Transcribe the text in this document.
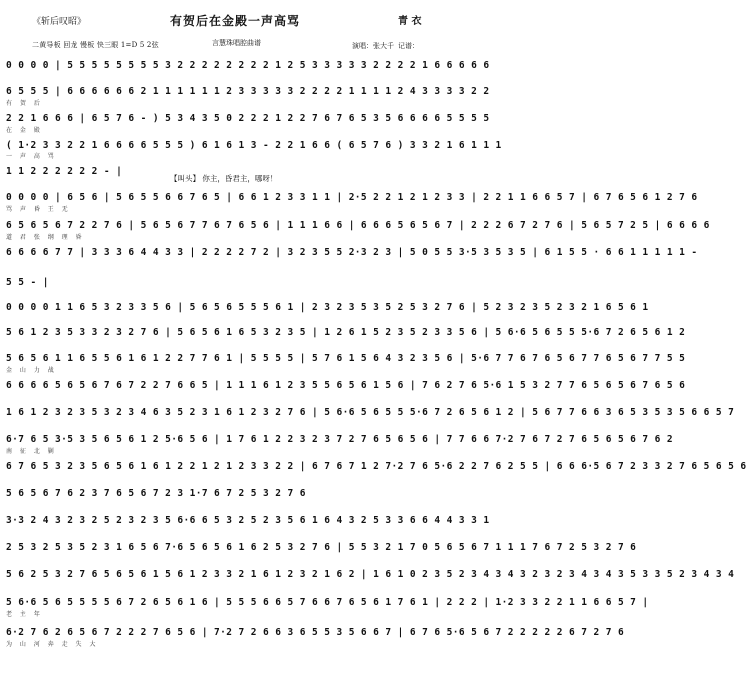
《斩后叹昭》	有贺后在金殿一声高骂	青 衣
二黄导板 回龙 慢板 快三眼 1=D 5 2弦	言慧珠唱腔曲谱	演唱：张大千 记谱：
0 0 0 0 | 5 5 5 5 5 5 5 5 3 2 2 2 2 2 2 2 2 1 2 5 3 3 3 3 3 2 2 2 2 1 6 6 6 6 6
6 5 5 5 | 6 6 6 6 6 6 2 1 1 1 1 1 1 2 3 3 3 3 3 2 2 2 2 1 1 1 1 2 4 3 3 3 3 2 2
有 贺 后
2 2 1 6 6 6 | 6 5 7 6 - ) 5 3 4 3 5 0 2 2 2 1 2 2 7 6 7 6 5 3 5 6 6 6 6 5 5 5 5
在 金 殿
( 1·2 3 3 2 2 1 6 6 6 6 5 5 5 ) 6 1 6 1 3 - 2 2 1 6 6 ( 6 5 7 6 ) 3 3 2 1 6 1 1 1
一 声 高 骂
1 1 2 2 2 2 2 2 - |
【叫头】 你主，昏君主，哪呀！
0 0 0 0 | 6 5 6 | 5 6 5 5 6 6 7 6 5 | 6 6 1 2 3 3 1 1 | 2·5 2 2 1 2 1 2 3 3 | 2 2 1 1 6 6 5 7 | 6 7 6 5 6 1 2 7 6
骂 声 昏 王 无
6 5 6 5 6 7 2 2 7 6 | 5 6 5 6 7 7 6 7 6 5 6 | 1 1 1 6 6 | 6 6 6 5 6 5 6 7 | 2 2 2 6 7 2 7 6 | 5 6 5 7 2 5 | 6 6 6 6
道 君 张 纲 理 昏
6 6 6 6 7 7 | 3 3 3 6 4 4 3 3 | 2 2 2 2 7 2 | 3 2 3 5 5 2·3 2 3 | 5 0 5 5 3·5 3 5 3 5 | 6 1 5 5 · 6 6 1 1 1 1 1 -
5 5 - |
0 0 0 0 1 1 6 5 3 2 3 3 5 6 | 5 6 5 6 5 5 5 6 1 | 2 3 2 3 5 3 5 2 5 3 2 7 6 | 5 2 3 2 3 5 2 3 2 1 6 5 6 1
5 6 1 2 3 5 3 3 2 3 2 7 6 | 5 6 5 6 1 6 5 3 2 3 5 | 1 2 6 1 5 2 3 5 2 3 3 5 6 | 5 6·6 5 6 5 5 5·6 7 2 6 5 6 1 2
5 6 5 6 1 1 6 5 5 6 1 6 1 2 2 7 7 6 1 | 5 5 5 5 | 5 7 6 1 5 6 4 3 2 3 5 6 | 5·6 7 7 6 7 6 5 6 7 7 6 5 6 7 7 5 5
金 山 力 战
6 6 6 6 5 6 5 6 7 6 7 2 2 7 6 6 5 | 1 1 1 6 1 2 3 5 5 6 5 6 1 5 6 | 7 6 2 7 6 5·6 1 5 3 2 7 7 6 5 6 5 6 7 6 5 6
1 6 1 2 3 2 3 5 3 2 3 4 6 3 5 2 3 1 6 1 2 3 2 7 6 | 5 6·6 5 6 5 5 5·6 7 2 6 5 6 1 2 | 5 6 7 7 6 6 3 6 5 3 5 3 5 6 6 5 7
6·7 6 5 3·5 3 5 6 5 6 1 2 5·6 5 6 | 1 7 6 1 2 2 3 2 3 7 2 7 6 5 6 5 6 | 7 7 6 6 7·2 7 6 7 2 7 6 5 6 5 6 7 6 2
南 征 北 剿
6 7 6 5 3 2 3 5 6 5 6 1 6 1 2 2 1 2 1 2 3 3 2 2 | 6 7 6 7 1 2 7·2 7 6 5·6 2 2 7 6 2 5 5 | 6 6 6·5 6 7 2 3 3 2 7 6 5 6 5 6
5 6 5 6 7 6 2 3 7 6 5 6 7 2 3 1·7 6 7 2 5 3 2 7 6
3·3 2 4 3 2 3 2 5 2 3 2 3 5 6·6 6 5 3 2 5 2 3 5 6 1 6 4 3 2 5 3 3 6 6 4 4 3 3 1
2 5 3 2 5 3 5 2 3 1 6 5 6 7·6 5 6 5 6 1 6 2 5 3 2 7 6 | 5 5 3 2 1 7 0 5 6 5 6 7 1 1 1 7 6 7 2 5 3 2 7 6
5 6 2 5 3 2 7 6 5 6 5 6 1 5 6 1 2 3 3 2 1 6 1 2 3 2 1 6 2 | 1 6 1 0 2 3 5 2 3 4 3 4 3 2 3 2 3 4 3 4 3 5 3 3 5 2 3 4 3 4
5 6·6 5 6 5 5 5 5 6 7 2 6 5 6 1 6 | 5 5 5 6 6 5 7 6 6 7 6 5 6 1 7 6 1 | 2 2 2 | 1·2 3 3 2 2 1 1 6 6 5 7 |
老 主 年
6·2 7 6 2 6 5 6 7 2 2 2 7 6 5 6 | 7·2 7 2 6 6 3 6 5 5 3 5 6 6 7 | 6 7 6 5·6 5 6 7 2 2 2 2 2 6 7 2 7 6
为 山 河 奔 走 失 大
